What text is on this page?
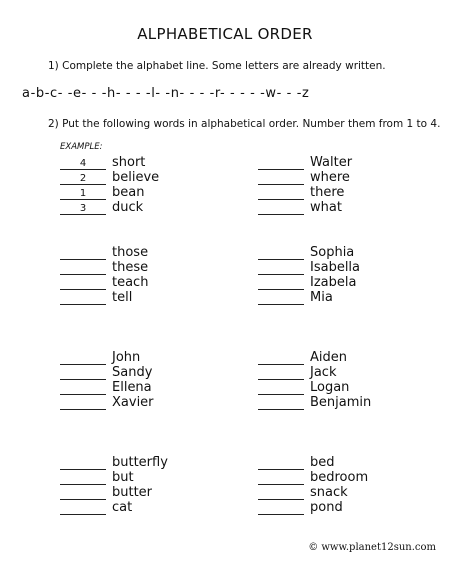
ALPHABETICAL ORDER
1) Complete the alphabet line. Some letters are already written.
a-b-c- -e- - -h- - - -l- -n- - - -r- - - - -w- - -z
2) Put the following words in alphabetical order. Number them from 1 to 4.
EXAMPLE:
4	short
2	believe
1	bean
3	duck
Walter
where
there
what
those
these
teach
tell
Sophia
Isabella
Izabela
Mia
John
Sandy
Ellena
Xavier
Aiden
Jack
Logan
Benjamin
butterfly
but
butter
cat
bed
bedroom
snack
pond
© www.planet12sun.com
